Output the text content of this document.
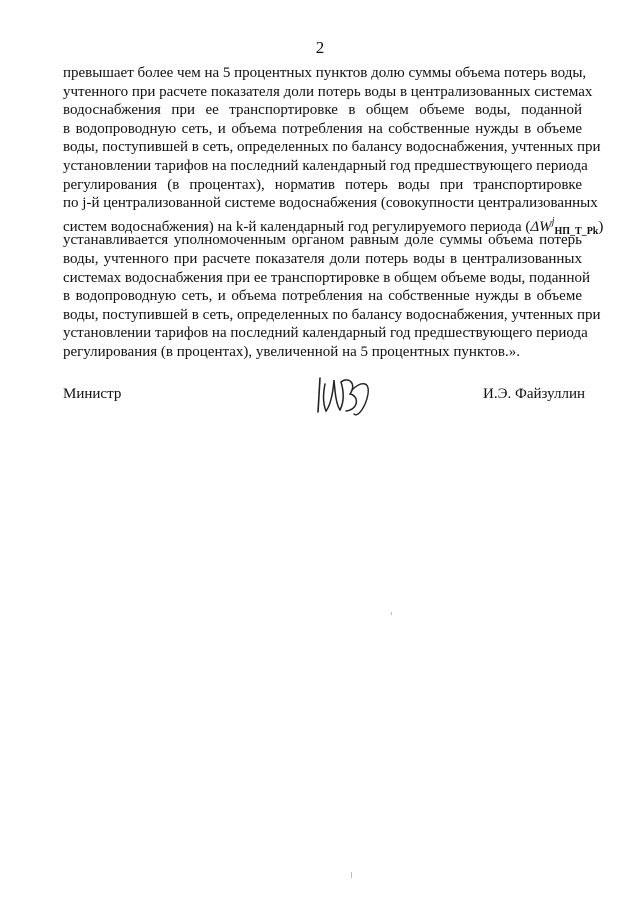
2
превышает более чем на 5 процентных пунктов долю суммы объема потерь воды,
учтенного при расчете показателя доли потерь воды в централизованных системах
водоснабжения при ее транспортировке в общем объеме воды, поданной
в водопроводную сеть, и объема потребления на собственные нужды в объеме
воды, поступившей в сеть, определенных по балансу водоснабжения, учтенных при
установлении тарифов на последний календарный год предшествующего периода
регулирования (в процентах), норматив потерь воды при транспортировке
по j-й централизованной системе водоснабжения (совокупности централизованных
систем водоснабжения) на k-й календарный год регулируемого периода $(\Delta W^j_{НП\_Т\_Рk})$
устанавливается уполномоченным органом равным доле суммы объема потерь
воды, учтенного при расчете показателя доли потерь воды в централизованных
системах водоснабжения при ее транспортировке в общем объеме воды, поданной
в водопроводную сеть, и объема потребления на собственные нужды в объеме
воды, поступившей в сеть, определенных по балансу водоснабжения, учтенных при
установлении тарифов на последний календарный год предшествующего периода
регулирования (в процентах), увеличенной на 5 процентных пунктов.».
Министр	И.Э. Файзуллин
